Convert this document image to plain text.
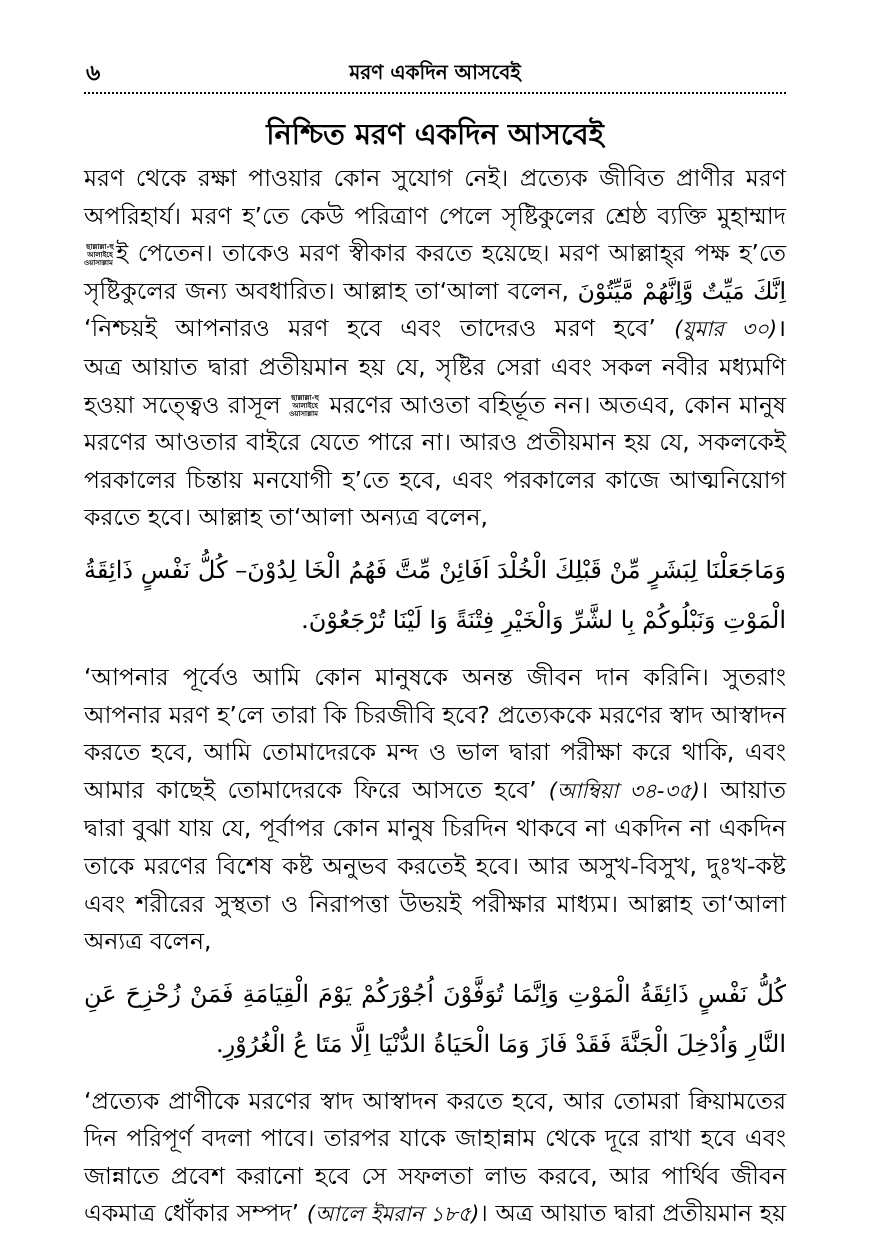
৬	মরণ একদিন আসবেই
নিশ্চিত মরণ একদিন আসবেই

মরণ থেকে রক্ষা পাওয়ার কোন সুযোগ নেই। প্রত্যেক জীবিত প্রাণীর মরণ অপরিহার্য। মরণ হ’তে কেউ পরিত্রাণ পেলে সৃষ্টিকুলের শ্রেষ্ঠ ব্যক্তি মুহাম্মাদ ছাল্লাল্লা-হু আলাইহে ওয়াসাল্লাম ই পেতেন। তাকেও মরণ স্বীকার করতে হয়েছে। মরণ আল্লাহ্‌র পক্ষ হ’তে সৃষ্টিকুলের জন্য অবধারিত। আল্লাহ তা‘আলা বলেন, اِنَّكَ مَيِّتٌ وَّاِنَّهُمْ مَّيِّتُوْنَ ‘নিশ্চয়ই আপনারও মরণ হবে এবং তাদেরও মরণ হবে’ (যুমার ৩০)।

অত্র আয়াত দ্বারা প্রতীয়মান হয় যে, সৃষ্টির সেরা এবং সকল নবীর মধ্যমণি হওয়া সত্ত্বেও রাসূল ছাল্লাল্লা-হু আলাইহে ওয়াসাল্লাম মরণের আওতা বহির্ভূত নন। অতএব, কোন মানুষ মরণের আওতার বাইরে যেতে পারে না। আরও প্রতীয়মান হয় যে, সকলকেই পরকালের চিন্তায় মনযোগী হ’তে হবে, এবং পরকালের কাজে আত্মনিয়োগ করতে হবে। আল্লাহ তা‘আলা অন্যত্র বলেন,

وَمَاجَعَلْنَا لِبَشَرٍ مِّنْ قَبْلِكَ الْخُلْدَ اَفَائِنْ مِّتَّ فَهُمُ الْخَا لِدُوْنَ– كُلُّ نَفْسٍ ذَائِقَةُ الْمَوْتِ وَنَبْلُوكُمْ بِا لشَّرِّ وَالْخَيْرِ فِتْنَةً وَا لَيْنَا تُرْجَعُوْنَ.

‘আপনার পূর্বেও আমি কোন মানুষকে অনন্ত জীবন দান করিনি। সুতরাং আপনার মরণ হ’লে তারা কি চিরজীবি হবে? প্রত্যেককে মরণের স্বাদ আস্বাদন করতে হবে, আমি তোমাদেরকে মন্দ ও ভাল দ্বারা পরীক্ষা করে থাকি, এবং আমার কাছেই তোমাদেরকে ফিরে আসতে হবে’ (আম্বিয়া ৩৪-৩৫)। আয়াত দ্বারা বুঝা যায় যে, পূর্বাপর কোন মানুষ চিরদিন থাকবে না একদিন না একদিন তাকে মরণের বিশেষ কষ্ট অনুভব করতেই হবে। আর অসুখ-বিসুখ, দুঃখ-কষ্ট এবং শরীরের সুস্থতা ও নিরাপত্তা উভয়ই পরীক্ষার মাধ্যম। আল্লাহ তা‘আলা অন্যত্র বলেন,

كُلُّ نَفْسٍ ذَائِقَةُ الْمَوْتِ وَاِنَّمَا تُوَفَّوْنَ اُجُوْرَكُمْ يَوْمَ الْقِيَامَةِ فَمَنْ زُحْزِحَ عَنِ النَّارِ وَاُدْخِلَ الْجَنَّةَ فَقَدْ فَازَ وَمَا الْحَيَاةُ الدُّنْيَا اِلَّا مَتَا عُ الْغُرُوْرِ.

‘প্রত্যেক প্রাণীকে মরণের স্বাদ আস্বাদন করতে হবে, আর তোমরা ক্বিয়ামতের দিন পরিপূর্ণ বদলা পাবে। তারপর যাকে জাহান্নাম থেকে দূরে রাখা হবে এবং জান্নাতে প্রবেশ করানো হবে সে সফলতা লাভ করবে, আর পার্থিব জীবন একমাত্র ধোঁকার সম্পদ’ (আলে ইমরান ১৮৫)। অত্র আয়াত দ্বারা প্রতীয়মান হয়
